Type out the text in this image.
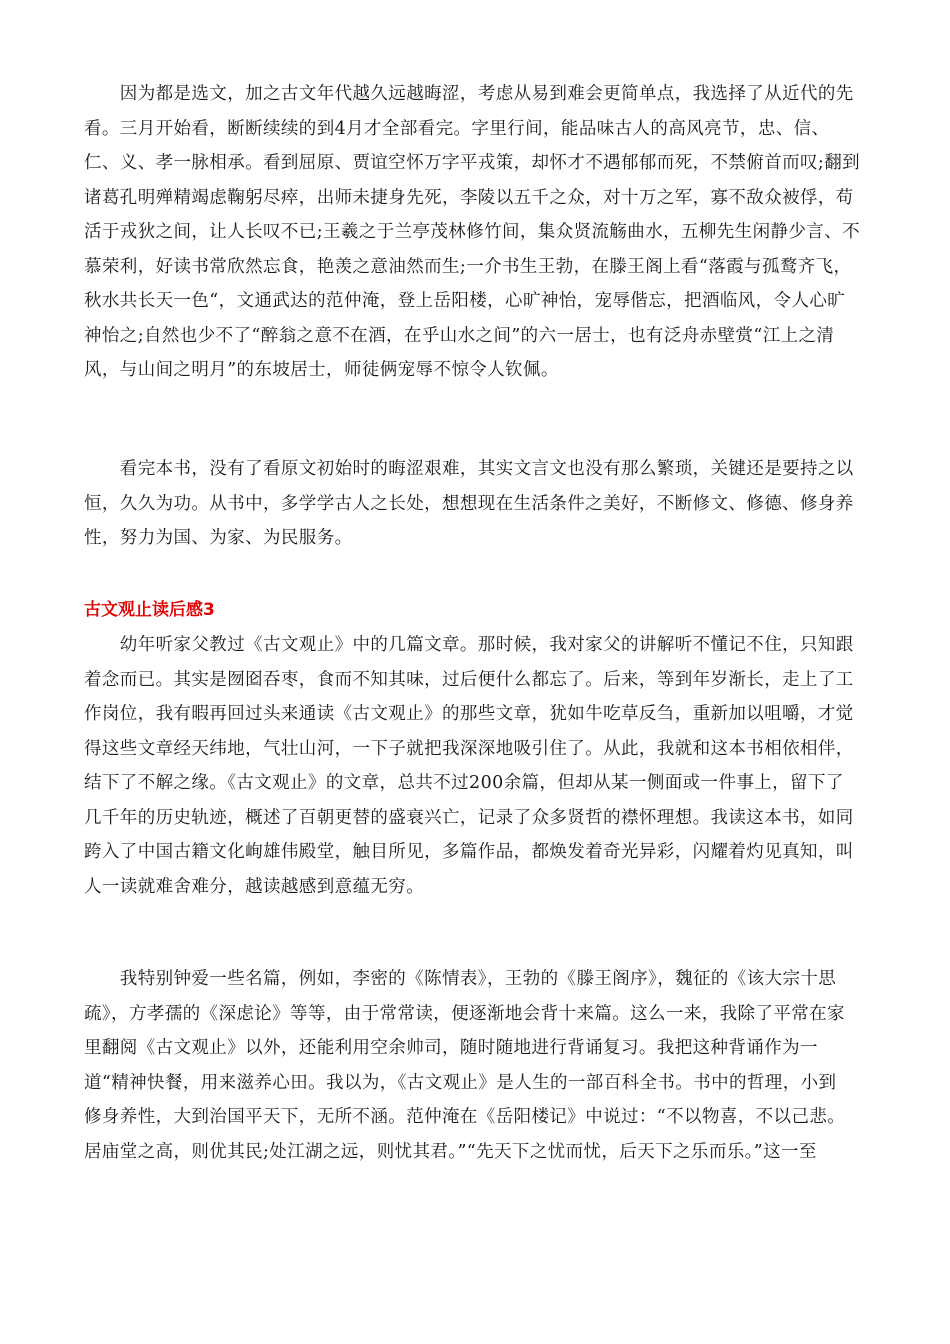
　　因为都是选文，加之古文年代越久远越晦涩，考虑从易到难会更简单点，我选择了从近代的先
看。三月开始看，断断续续的到4月才全部看完。字里行间，能品味古人的高风亮节，忠、信、
仁、义、孝一脉相承。看到屈原、贾谊空怀万字平戎策，却怀才不遇郁郁而死，不禁俯首而叹;翻到
诸葛孔明殚精竭虑鞠躬尽瘁，出师未捷身先死，李陵以五千之众，对十万之军，寡不敌众被俘，苟
活于戎狄之间，让人长叹不已;王羲之于兰亭茂林修竹间，集众贤流觞曲水，五柳先生闲静少言、不
慕荣利，好读书常欣然忘食，艳羡之意油然而生;一介书生王勃，在滕王阁上看“落霞与孤鹜齐飞，
秋水共长天一色“，文通武达的范仲淹，登上岳阳楼，心旷神怡，宠辱偕忘，把酒临风，令人心旷
神怡之;自然也少不了“醉翁之意不在酒，在乎山水之间”的六一居士，也有泛舟赤壁赏“江上之清
风，与山间之明月”的东坡居士，师徒俩宠辱不惊令人钦佩。
　　看完本书，没有了看原文初始时的晦涩艰难，其实文言文也没有那么繁琐，关键还是要持之以
恒，久久为功。从书中，多学学古人之长处，想想现在生活条件之美好，不断修文、修德、修身养
性，努力为国、为家、为民服务。
古文观止读后感3
　　幼年听家父教过《古文观止》中的几篇文章。那时候，我对家父的讲解听不懂记不住，只知跟
着念而已。其实是囫囵吞枣，食而不知其味，过后便什么都忘了。后来，等到年岁渐长，走上了工
作岗位，我有暇再回过头来通读《古文观止》的那些文章，犹如牛吃草反刍，重新加以咀嚼，才觉
得这些文章经天纬地，气壮山河，一下子就把我深深地吸引住了。从此，我就和这本书相依相伴，
结下了不解之缘。《古文观止》的文章，总共不过200余篇，但却从某一侧面或一件事上，留下了
几千年的历史轨迹，概述了百朝更替的盛衰兴亡，记录了众多贤哲的襟怀理想。我读这本书，如同
跨入了中国古籍文化峋雄伟殿堂，触目所见，多篇作品，都焕发着奇光异彩，闪耀着灼见真知，叫
人一读就难舍难分，越读越感到意蕴无穷。
　　我特别钟爱一些名篇，例如，李密的《陈情表》，王勃的《滕王阁序》，魏征的《该大宗十思
疏》，方孝孺的《深虑论》等等，由于常常读，便逐渐地会背十来篇。这么一来，我除了平常在家
里翻阅《古文观止》以外，还能利用空余帅司，随时随地进行背诵复习。我把这种背诵作为一
道“精神快餐，用来滋养心田。我以为，《古文观止》是人生的一部百科全书。书中的哲理，小到
修身养性，大到治国平天下，无所不涵。范仲淹在《岳阳楼记》中说过：“不以物喜，不以己悲。
居庙堂之高，则优其民;处江湖之远，则忧其君。”“先天下之忧而忧，后天下之乐而乐。”这一至
